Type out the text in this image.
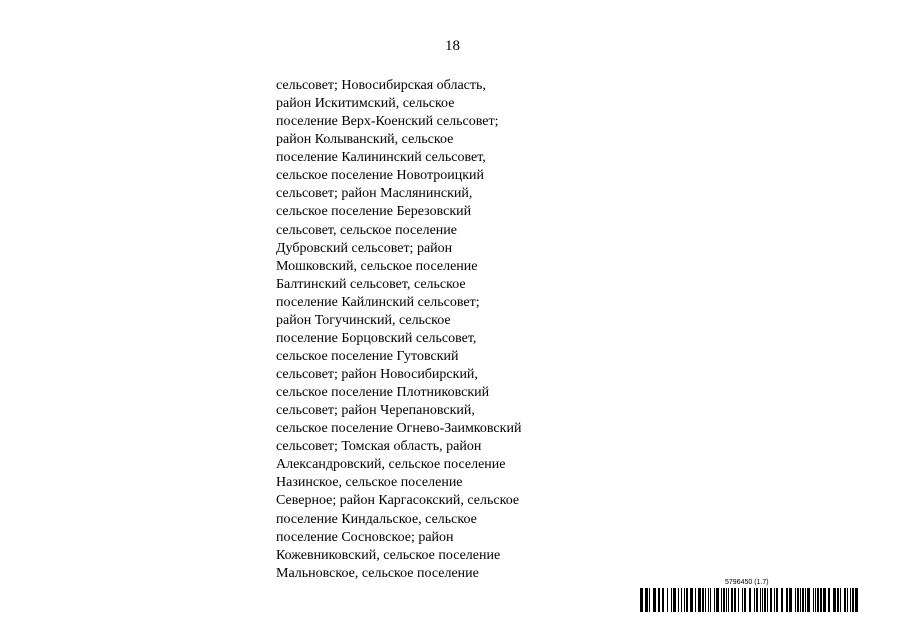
18
сельсовет; Новосибирская область,
район Искитимский, сельское
поселение Верх-Коенский сельсовет;
район Колыванский, сельское
поселение Калининский сельсовет,
сельское поселение Новотроицкий
сельсовет; район Маслянинский,
сельское поселение Березовский
сельсовет, сельское поселение
Дубровский сельсовет; район
Мошковский, сельское поселение
Балтинский сельсовет, сельское
поселение Кайлинский сельсовет;
район Тогучинский, сельское
поселение Борцовский сельсовет,
сельское поселение Гутовский
сельсовет; район Новосибирский,
сельское поселение Плотниковский
сельсовет; район Черепановский,
сельское поселение Огнево-Заимковский
сельсовет; Томская область, район
Александровский, сельское поселение
Назинское, сельское поселение
Северное; район Каргасокский, сельское
поселение Киндальское, сельское
поселение Сосновское; район
Кожевниковский, сельское поселение
Мальновское, сельское поселение
5796450 (1.7)
